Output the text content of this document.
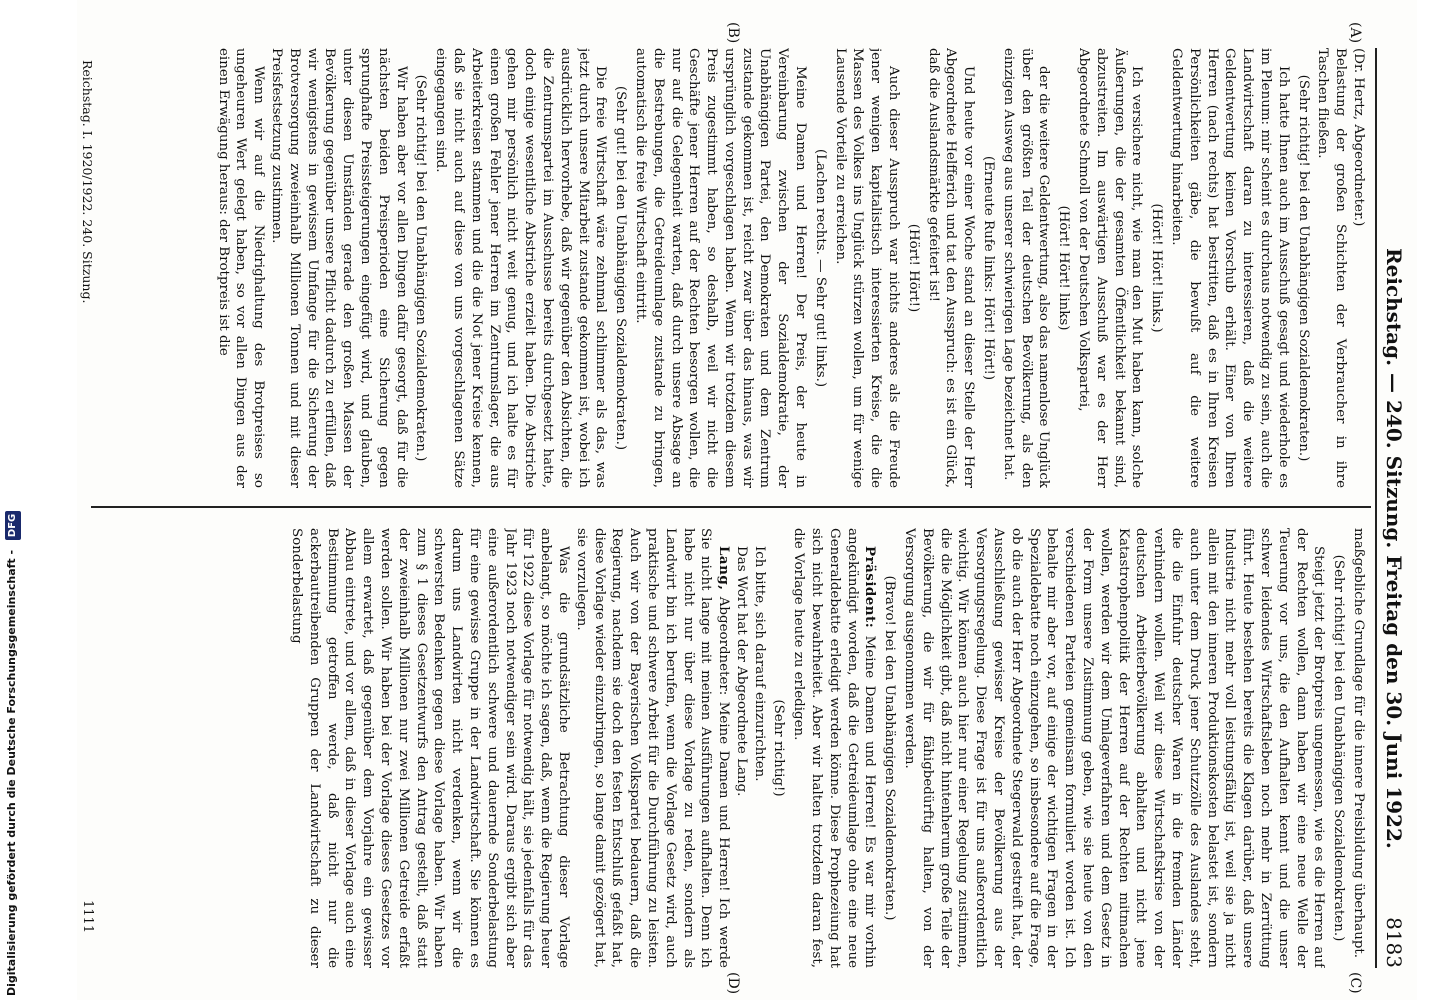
Reichstag. — 240. Sitzung. Freitag den 30. Juni 1922.
8183
(A)
(B)
(C)
(D)

(Dr. Hertz, Abgeordneter.)

Belastung der großen Schichten der Verbraucher in ihre Taschen fließen.

(Sehr richtig! bei den Unabhängigen Sozialdemokraten.)

Ich hatte Ihnen auch im Ausschuß gesagt und wiederhole es im Plenum: mir scheint es durchaus notwendig zu sein, auch die Landwirtschaft daran zu interessieren, daß die weitere Geldentwertung keinen Vorschub erhält. Einer von Ihren Herren (nach rechts) hat bestritten, daß es in Ihren Kreisen Persönlichkeiten gäbe, die bewußt auf die weitere Geldentwertung hinarbeiten.

(Hört! Hört! links.)

Ich versichere nicht, wie man den Mut haben kann, solche Äußerungen, die der gesamten Öffentlichkeit bekannt sind, abzustreiten. Im auswärtigen Ausschuß war es der Herr Abgeordnete Schmoll von der Deutschen Volkspartei,

(Hört! Hört! links)

der die weitere Geldentwertung, also das namenlose Unglück über den größten Teil der deutschen Bevölkerung, als den einzigen Ausweg aus unserer schwierigen Lage bezeichnet hat.

(Erneute Rufe links: Hört! Hört!)

Und heute vor einer Woche stand an dieser Stelle der Herr Abgeordnete Helfferich und tat den Ausspruch: es ist ein Glück, daß die Auslandsmärkte gefeitert ist!

(Hört! Hört!)

Auch dieser Ausspruch war nichts anderes als die Freude jener wenigen kapitalistisch interessierten Kreise, die die Massen des Volkes ins Unglück stürzen wollen, um für wenige Lausende Vorteile zu erreichen.

(Lachen rechts. — Sehr gut! links.)

Meine Damen und Herren! Der Preis, der heute in Vereinbarung zwischen der Sozialdemokratie, der Unabhängigen Partei, den Demokraten und dem Zentrum zustande gekommen ist, reicht zwar über das hinaus, was wir ursprünglich vorgeschlagen haben. Wenn wir trotzdem diesem Preis zugestimmt haben, so deshalb, weil wir nicht die Geschäfte jener Herren auf der Rechten besorgen wollen, die nur auf die Gelegenheit warten, daß durch unsere Absage an die Bestrebungen, die Getreideumlage zustande zu bringen, automatisch die freie Wirtschaft eintritt.

(Sehr gut! bei den Unabhängigen Sozialdemokraten.)

Die freie Wirtschaft wäre zehnmal schlimmer als das, was jetzt durch unsere Mitarbeit zustande gekommen ist, wobei ich ausdrücklich hervorhebe, daß wir gegenüber den Absichten, die die Zentrumspartei im Ausschusse bereits durchgesetzt hatte, doch einige wesentliche Abstriche erzielt haben. Die Abstriche gehen mir persönlich nicht weit genug, und ich halte es für einen großen Fehler jener Herren im Zentrumslager, die aus Arbeiterkreisen stammen und die die Not jener Kreise kennen, daß sie nicht auch auf diese von uns vorgeschlagenen Sätze eingegangen sind.

(Sehr richtig! bei den Unabhängigen Sozialdemokraten.)

Wir haben aber vor allen Dingen dafür gesorgt, daß für die nächsten beiden Preisperioden eine Sicherung gegen sprunghafte Preissteigerungen eingefügt wird, und glauben, unter diesen Umständen gerade den großen Massen der Bevölkerung gegenüber unsere Pflicht dadurch zu erfüllen, daß wir wenigstens in gewissem Umfange für die Sicherung der Brotversorgung zweieinhalb Millionen Tonnen und mit dieser Preisfestsetzung zustimmen.

Wenn wir auf die Niedrighaltung des Brotpreises so ungeheuren Wert gelegt haben, so vor allen Dingen aus der einen Erwägung heraus: der Brotpreis ist die

maßgebliche Grundlage für die innere Preisbildung überhaupt.

(Sehr richtig! bei den Unabhängigen Sozialdemokraten.)

Steigt jetzt der Brotpreis ungemessen, wie es die Herren auf der Rechten wollen, dann haben wir eine neue Welle der Teuerung vor uns, die den Aufhalten kennt und die unser schwer leidendes Wirtschaftsleben noch mehr in Zerrüttung führt. Heute bestehen bereits die Klagen darüber, daß unsere Industrie nicht mehr voll leistungsfähig ist, weil sie ja nicht allein mit den inneren Produktionskosten belastet ist, sondern auch unter dem Druck jener Schutzzölle des Auslandes steht, die die Einfuhr deutscher Waren in die fremden Länder verhindern wollen. Weil wir diese Wirtschaftskrise von der deutschen Arbeiterbevölkerung abhalten und nicht jene Katastrophenpolitik der Herren auf der Rechten mitmachen wollen, werden wir dem Umlageverfahren und dem Gesetz in der Form unsere Zustimmung geben, wie sie heute von den verschiedenen Parteien gemeinsam formuliert worden ist. Ich behalte mir aber vor, auf einige der wichtigen Fragen in der Spezialdebatte noch einzugehen, so insbesondere auf die Frage, ob die auch der Herr Abgeordnete Stegerwald gestreift hat, der Ausschließung gewisser Kreise der Bevölkerung aus der Versorgungsregelung. Diese Frage ist für uns außerordentlich wichtig. Wir können auch hier nur einer Regelung zustimmen, die die Möglichkeit gibt, daß nicht hintenherum große Teile der Bevölkerung, die wir für fähigbedürftig halten, von der Versorgung ausgenommen werden.

(Bravo! bei den Unabhängigen Sozialdemokraten.)

Präsident: Meine Damen und Herren! Es war mir vorhin angekündigt worden, daß die Getreideumlage ohne eine neue Generaldebatte erledigt werden könne. Diese Prophezeiung hat sich nicht bewahrheitet. Aber wir halten trotzdem daran fest, die Vorlage heute zu erledigen.

(Sehr richtig!)

Ich bitte, sich darauf einzurichten.

Das Wort hat der Abgeordnete Lang.

Lang, Abgeordneter: Meine Damen und Herren! Ich werde Sie nicht lange mit meinen Ausführungen aufhalten. Denn ich habe nicht nur über diese Vorlage zu reden, sondern als Landwirt bin ich berufen, wenn die Vorlage Gesetz wird, auch praktische und schwere Arbeit für die Durchführung zu leisten. Auch wir von der Bayerischen Volkspartei bedauern, daß die Regierung, nachdem sie doch den festen Entschluß gefaßt hat, diese Vorlage wieder einzubringen, so lange damit gezögert hat, sie vorzulegen.

Was die grundsätzliche Betrachtung dieser Vorlage anbelangt, so möchte ich sagen, daß, wenn die Regierung heuer für 1922 diese Vorlage für notwendig hält, sie jedenfalls für das Jahr 1923 noch notwendiger sein wird. Daraus ergibt sich aber eine außerordentlich schwere und dauernde Sonderbelastung für eine gewisse Gruppe in der Landwirtschaft. Sie können es darum uns Landwirten nicht verdenken, wenn wir die schwersten Bedenken gegen diese Vorlage haben. Wir haben zum § 1 dieses Gesetzentwurfs den Antrag gestellt, daß statt der zweieinhalb Millionen nur zwei Millionen Getreide erfaßt werden sollen. Wir haben bei der Vorlage dieses Gesetzes vor allem erwartet, daß gegenüber dem Vorjahre ein gewisser Abbau eintrete, und vor allem, daß in dieser Vorlage auch eine Bestimmung getroffen werde, daß nicht nur die ackerbautreibenden Gruppen der Landwirtschaft zu dieser Sonderbelastung

Reichstag. I. 1920/1922. 240. Sitzung.
1111
Digitalisierung gefördert durch die Deutsche Forschungsgemeinschaft - DFG
